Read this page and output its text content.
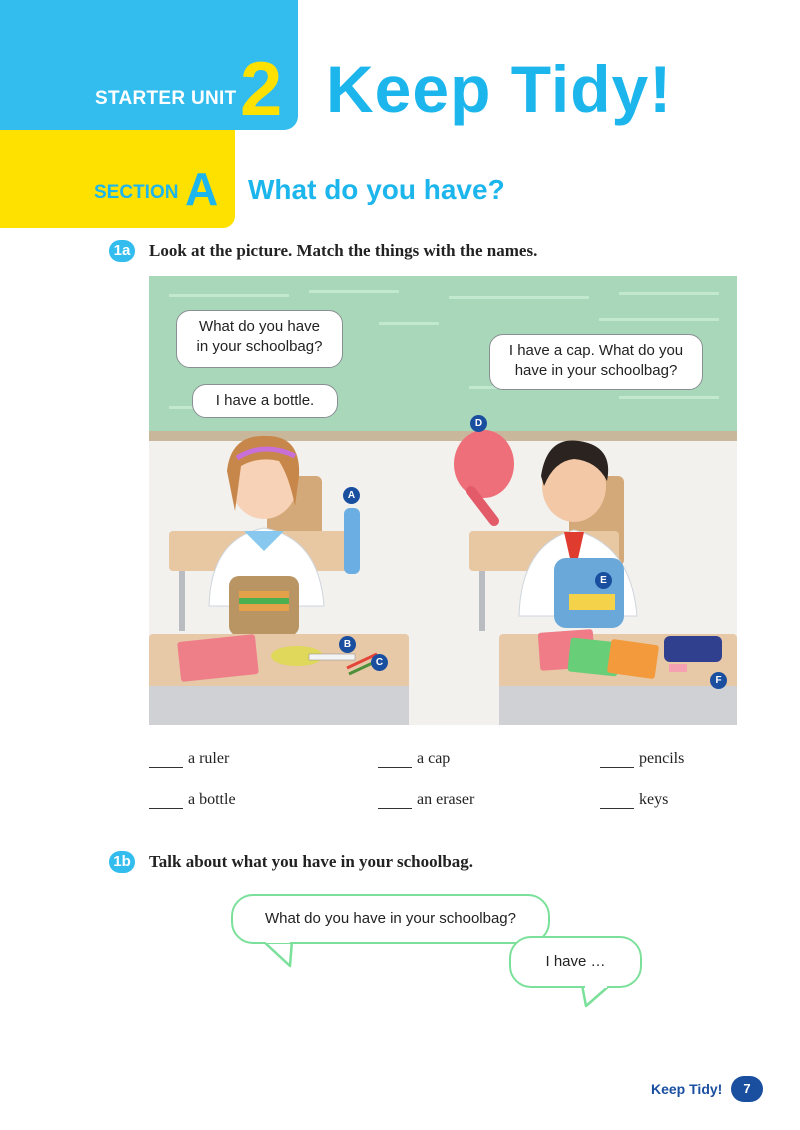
STARTER UNIT 2 Keep Tidy!
SECTION A What do you have?
1a Look at the picture. Match the things with the names.
What do you have
in your schoolbag?
I have a bottle.
I have a cap. What do you
have in your schoolbag?
A
B
C
D
E
F
a ruler	a cap	pencils
a bottle	an eraser	keys
1b Talk about what you have in your schoolbag.
What do you have in your schoolbag?
I have …
Keep Tidy!	7
